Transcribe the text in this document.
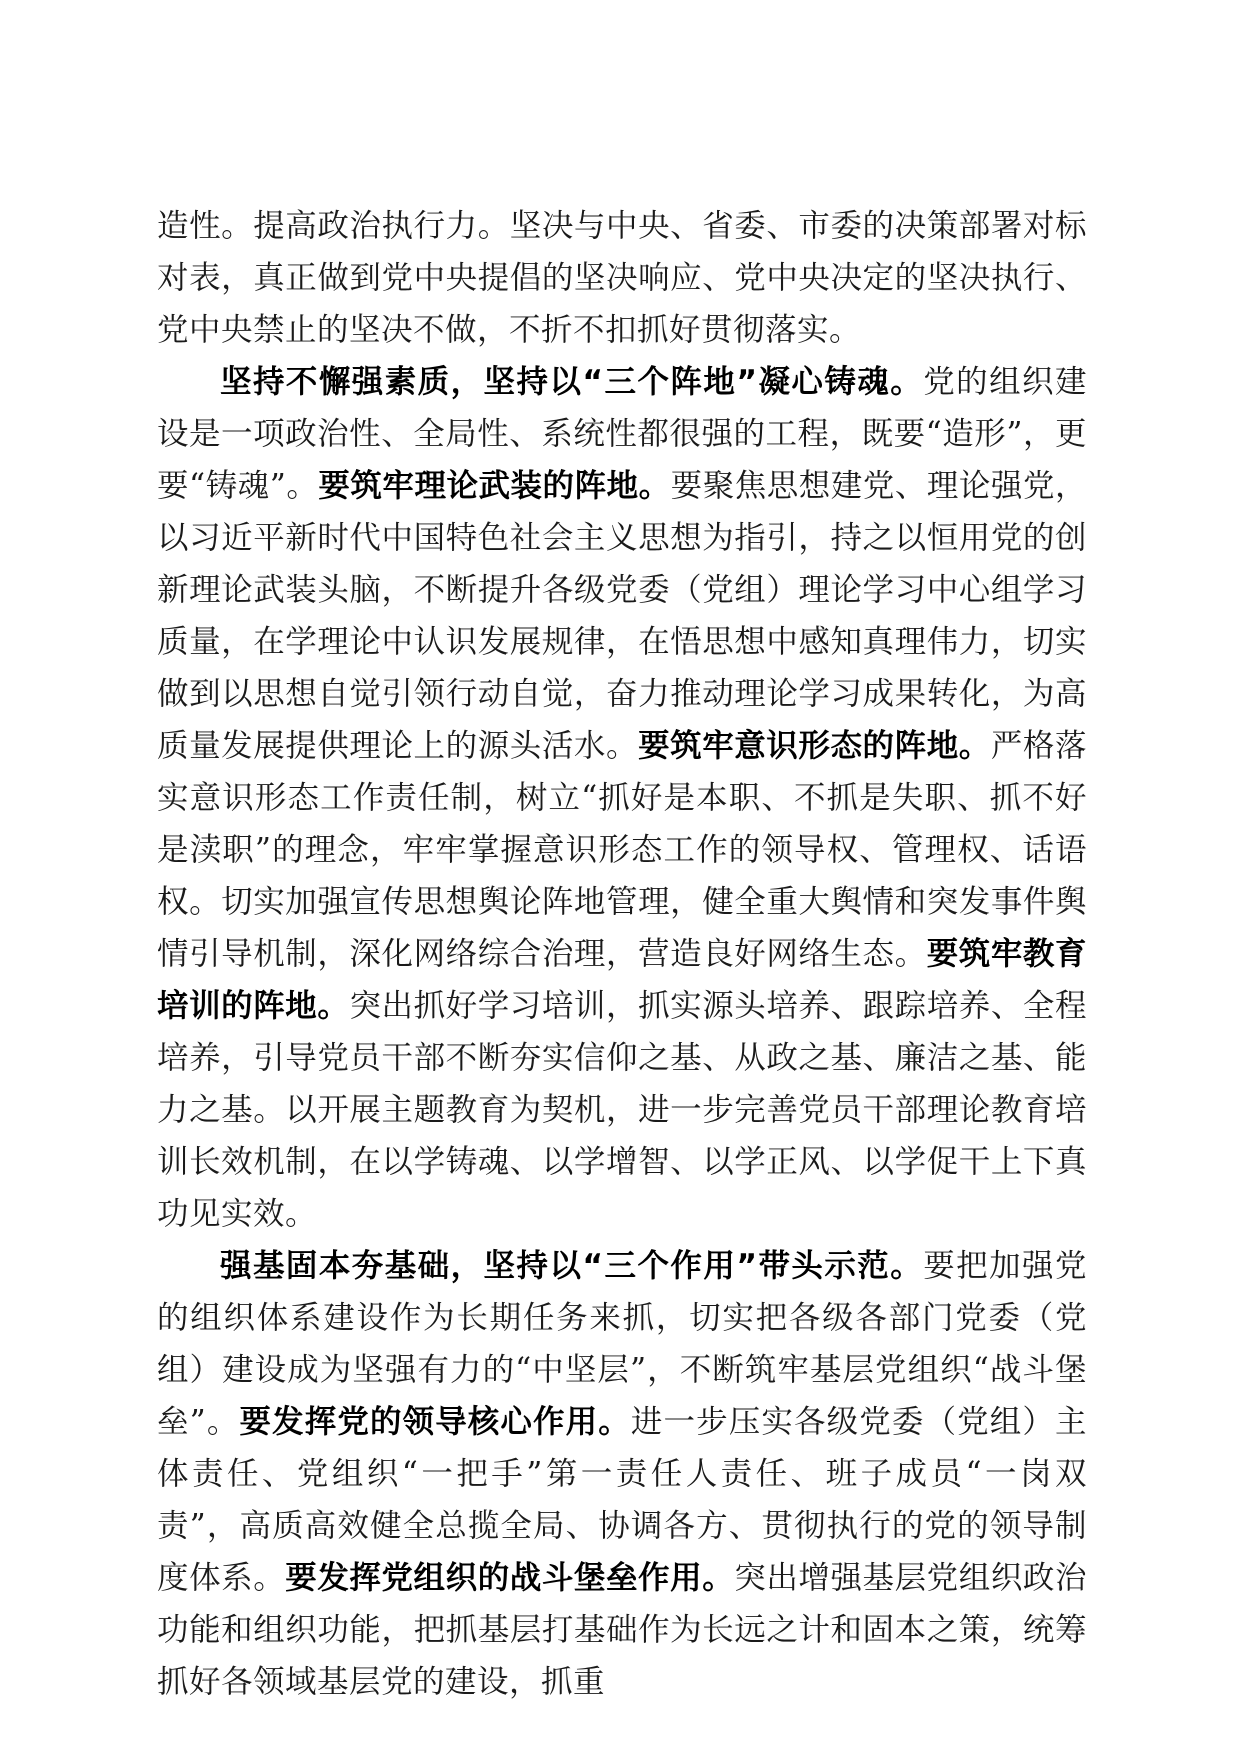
造性。提高政治执行力。坚决与中央、省委、市委的决策部署对标对表，真正做到党中央提倡的坚决响应、党中央决定的坚决执行、党中央禁止的坚决不做，不折不扣抓好贯彻落实。

坚持不懈强素质，坚持以“三个阵地”凝心铸魂。党的组织建设是一项政治性、全局性、系统性都很强的工程，既要“造形”，更要“铸魂”。要筑牢理论武装的阵地。要聚焦思想建党、理论强党，以习近平新时代中国特色社会主义思想为指引，持之以恒用党的创新理论武装头脑，不断提升各级党委（党组）理论学习中心组学习质量，在学理论中认识发展规律，在悟思想中感知真理伟力，切实做到以思想自觉引领行动自觉，奋力推动理论学习成果转化，为高质量发展提供理论上的源头活水。要筑牢意识形态的阵地。严格落实意识形态工作责任制，树立“抓好是本职、不抓是失职、抓不好是渎职”的理念，牢牢掌握意识形态工作的领导权、管理权、话语权。切实加强宣传思想舆论阵地管理，健全重大舆情和突发事件舆情引导机制，深化网络综合治理，营造良好网络生态。要筑牢教育培训的阵地。突出抓好学习培训，抓实源头培养、跟踪培养、全程培养，引导党员干部不断夯实信仰之基、从政之基、廉洁之基、能力之基。以开展主题教育为契机，进一步完善党员干部理论教育培训长效机制，在以学铸魂、以学增智、以学正风、以学促干上下真功见实效。

强基固本夯基础，坚持以“三个作用”带头示范。要把加强党的组织体系建设作为长期任务来抓，切实把各级各部门党委（党组）建设成为坚强有力的“中坚层”，不断筑牢基层党组织“战斗堡垒”。要发挥党的领导核心作用。进一步压实各级党委（党组）主体责任、党组织“一把手”第一责任人责任、班子成员“一岗双责”，高质高效健全总揽全局、协调各方、贯彻执行的党的领导制度体系。要发挥党组织的战斗堡垒作用。突出增强基层党组织政治功能和组织功能，把抓基层打基础作为长远之计和固本之策，统筹抓好各领域基层党的建设，抓重
